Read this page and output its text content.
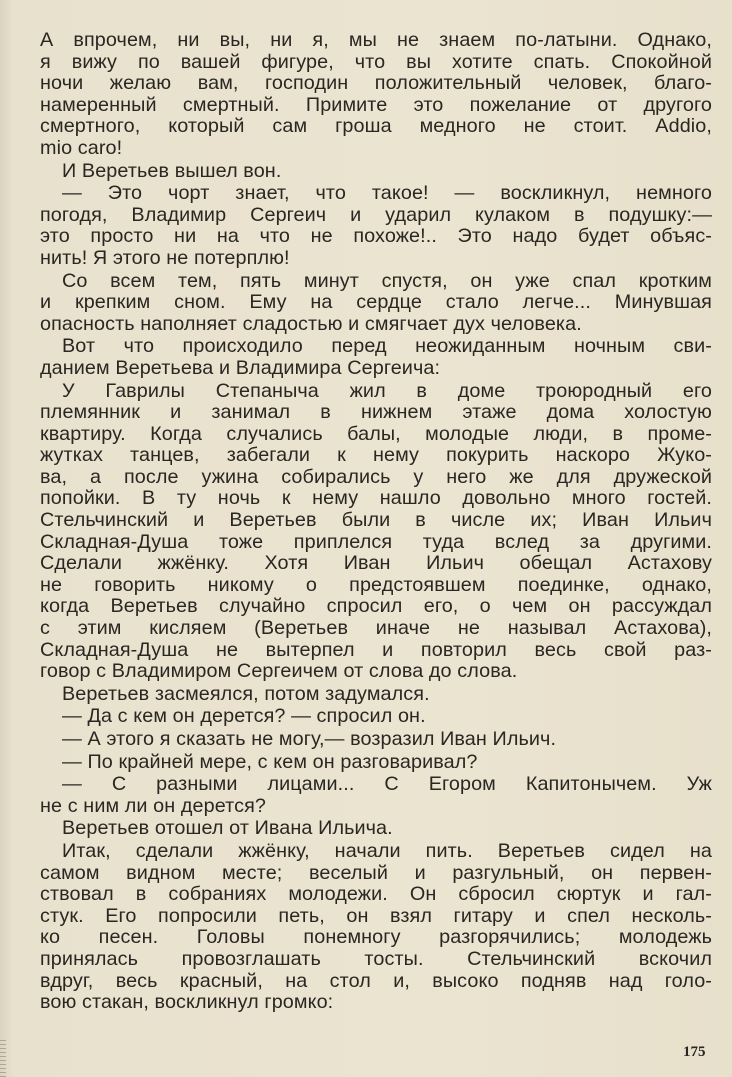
А впрочем, ни вы, ни я, мы не знаем по-латыни. Однако,
я вижу по вашей фигуре, что вы хотите спать. Спокойной
ночи желаю вам, господин положительный человек, благо-
намеренный смертный. Примите это пожелание от другого
смертного, который сам гроша медного не стоит. Addio,
mio caro!
И Веретьев вышел вон.
— Это чорт знает, что такое! — воскликнул, немного
погодя, Владимир Сергеич и ударил кулаком в подушку:—
это просто ни на что не похоже!.. Это надо будет объяс-
нить! Я этого не потерплю!
Со всем тем, пять минут спустя, он уже спал кротким
и крепким сном. Ему на сердце стало легче... Минувшая
опасность наполняет сладостью и смягчает дух человека.
Вот что происходило перед неожиданным ночным сви-
данием Веретьева и Владимира Сергеича:
У Гаврилы Степаныча жил в доме троюродный его
племянник и занимал в нижнем этаже дома холостую
квартиру. Когда случались балы, молодые люди, в проме-
жутках танцев, забегали к нему покурить наскоро Жуко-
ва, а после ужина собирались у него же для дружеской
попойки. В ту ночь к нему нашло довольно много гостей.
Стельчинский и Веретьев были в числе их; Иван Ильич
Складная-Душа тоже приплелся туда вслед за другими.
Сделали жжёнку. Хотя Иван Ильич обещал Астахову
не говорить никому о предстоявшем поединке, однако,
когда Веретьев случайно спросил его, о чем он рассуждал
с этим кисляем (Веретьев иначе не называл Астахова),
Складная-Душа не вытерпел и повторил весь свой раз-
говор с Владимиром Сергеичем от слова до слова.
Веретьев засмеялся, потом задумался.
— Да с кем он дерется? — спросил он.
— А этого я сказать не могу,— возразил Иван Ильич.
— По крайней мере, с кем он разговаривал?
— С разными лицами... С Егором Капитонычем. Уж
не с ним ли он дерется?
Веретьев отошел от Ивана Ильича.
Итак, сделали жжёнку, начали пить. Веретьев сидел на
самом видном месте; веселый и разгульный, он первен-
ствовал в собраниях молодежи. Он сбросил сюртук и гал-
стук. Его попросили петь, он взял гитару и спел несколь-
ко песен. Головы понемногу разгорячились; молодежь
принялась провозглашать тосты. Стельчинский вскочил
вдруг, весь красный, на стол и, высоко подняв над голо-
вою стакан, воскликнул громко:
175
